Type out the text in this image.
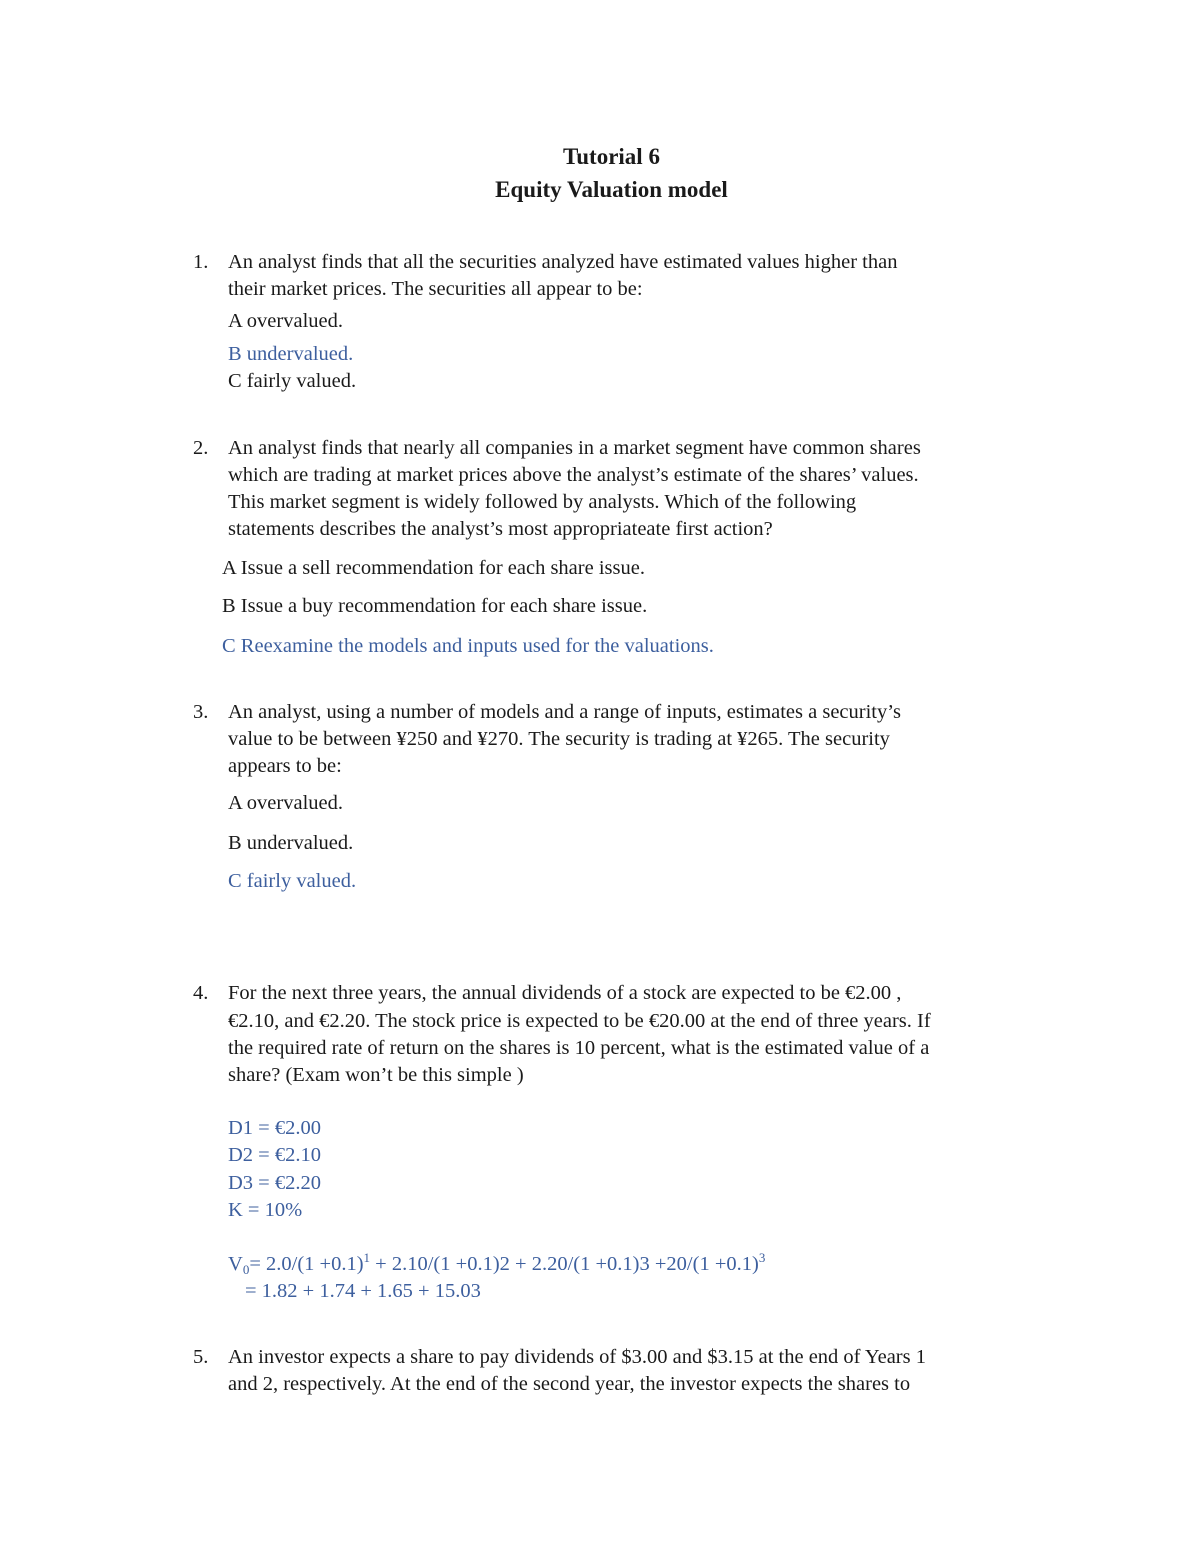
Tutorial 6
Equity Valuation model
1. An analyst finds that all the securities analyzed have estimated values higher than
their market prices. The securities all appear to be:
A overvalued.
B undervalued.
C fairly valued.
2. An analyst finds that nearly all companies in a market segment have common shares
which are trading at market prices above the analyst’s estimate of the shares’ values.
This market segment is widely followed by analysts. Which of the following
statements describes the analyst’s most appropriateate first action?
A Issue a sell recommendation for each share issue.
B Issue a buy recommendation for each share issue.
C Reexamine the models and inputs used for the valuations.
3. An analyst, using a number of models and a range of inputs, estimates a security’s
value to be between ¥250 and ¥270. The security is trading at ¥265. The security
appears to be:
A overvalued.
B undervalued.
C fairly valued.
4. For the next three years, the annual dividends of a stock are expected to be €2.00 ,
€2.10, and €2.20. The stock price is expected to be €20.00 at the end of three years. If
the required rate of return on the shares is 10 percent, what is the estimated value of a
share? (Exam won’t be this simple )
D1 = €2.00
D2 = €2.10
D3 = €2.20
K = 10%
$V_0= 2.0/(1 +0.1)^1 + 2.10/(1 +0.1)2 + 2.20/(1 +0.1)3 +20/(1 +0.1)^3$
= 1.82 + 1.74 + 1.65 + 15.03
5. An investor expects a share to pay dividends of $3.00 and $3.15 at the end of Years 1
and 2, respectively. At the end of the second year, the investor expects the shares to
